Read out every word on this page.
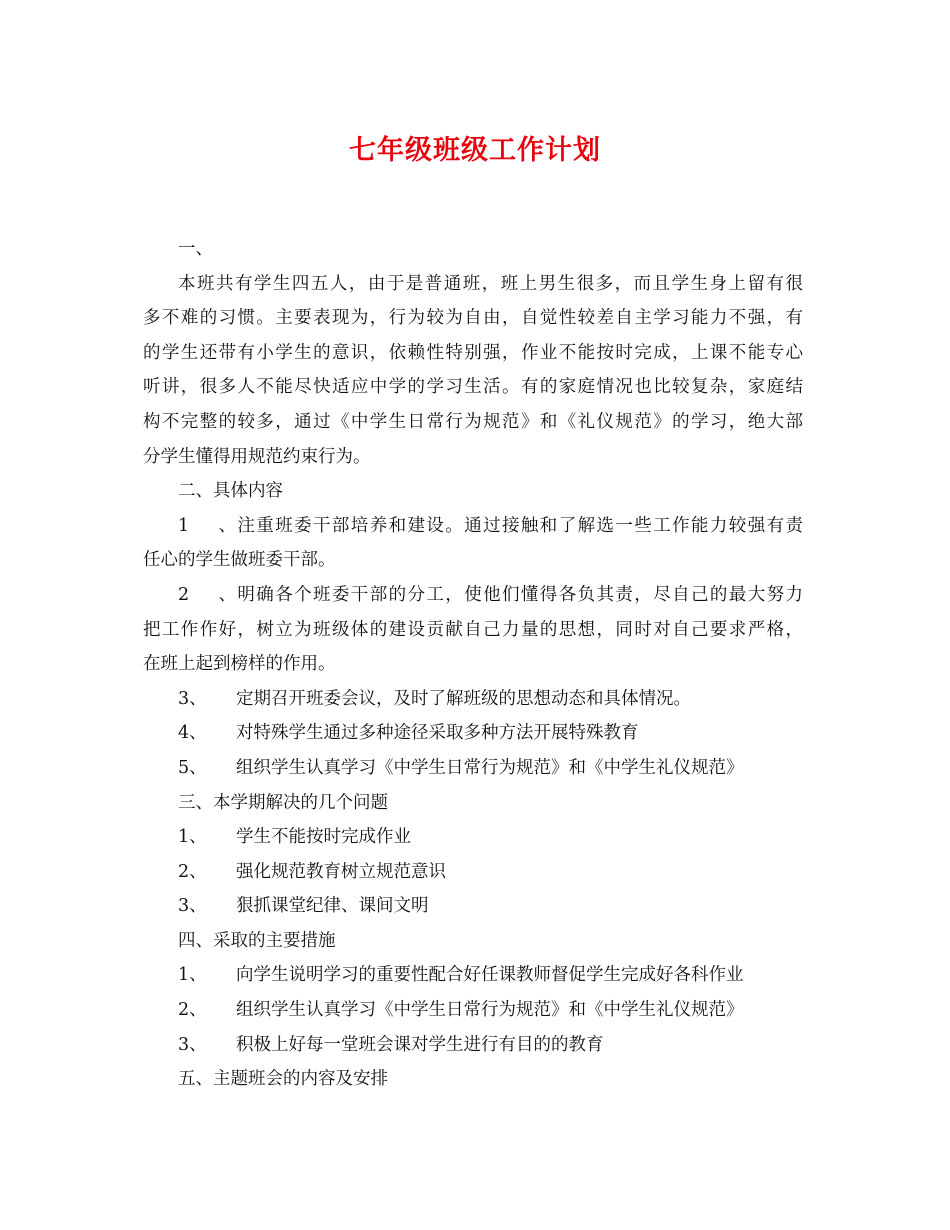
七年级班级工作计划
一、
本班共有学生四五人，由于是普通班，班上男生很多，而且学生身上留有很
多不难的习惯。主要表现为，行为较为自由，自觉性较差自主学习能力不强，有
的学生还带有小学生的意识，依赖性特别强，作业不能按时完成，上课不能专心
听讲，很多人不能尽快适应中学的学习生活。有的家庭情况也比较复杂，家庭结
构不完整的较多，通过《中学生日常行为规范》和《礼仪规范》的学习，绝大部
分学生懂得用规范约束行为。
二、具体内容
1、注重班委干部培养和建设。通过接触和了解选一些工作能力较强有责
任心的学生做班委干部。
2、明确各个班委干部的分工，使他们懂得各负其责，尽自己的最大努力
把工作作好，树立为班级体的建设贡献自己力量的思想，同时对自己要求严格，
在班上起到榜样的作用。
3、 定期召开班委会议，及时了解班级的思想动态和具体情况。
4、 对特殊学生通过多种途径采取多种方法开展特殊教育
5、 组织学生认真学习《中学生日常行为规范》和《中学生礼仪规范》
三、本学期解决的几个问题
1、 学生不能按时完成作业
2、 强化规范教育树立规范意识
3、 狠抓课堂纪律、课间文明
四、采取的主要措施
1、 向学生说明学习的重要性配合好任课教师督促学生完成好各科作业
2、 组织学生认真学习《中学生日常行为规范》和《中学生礼仪规范》
3、 积极上好每一堂班会课对学生进行有目的的教育
五、主题班会的内容及安排
